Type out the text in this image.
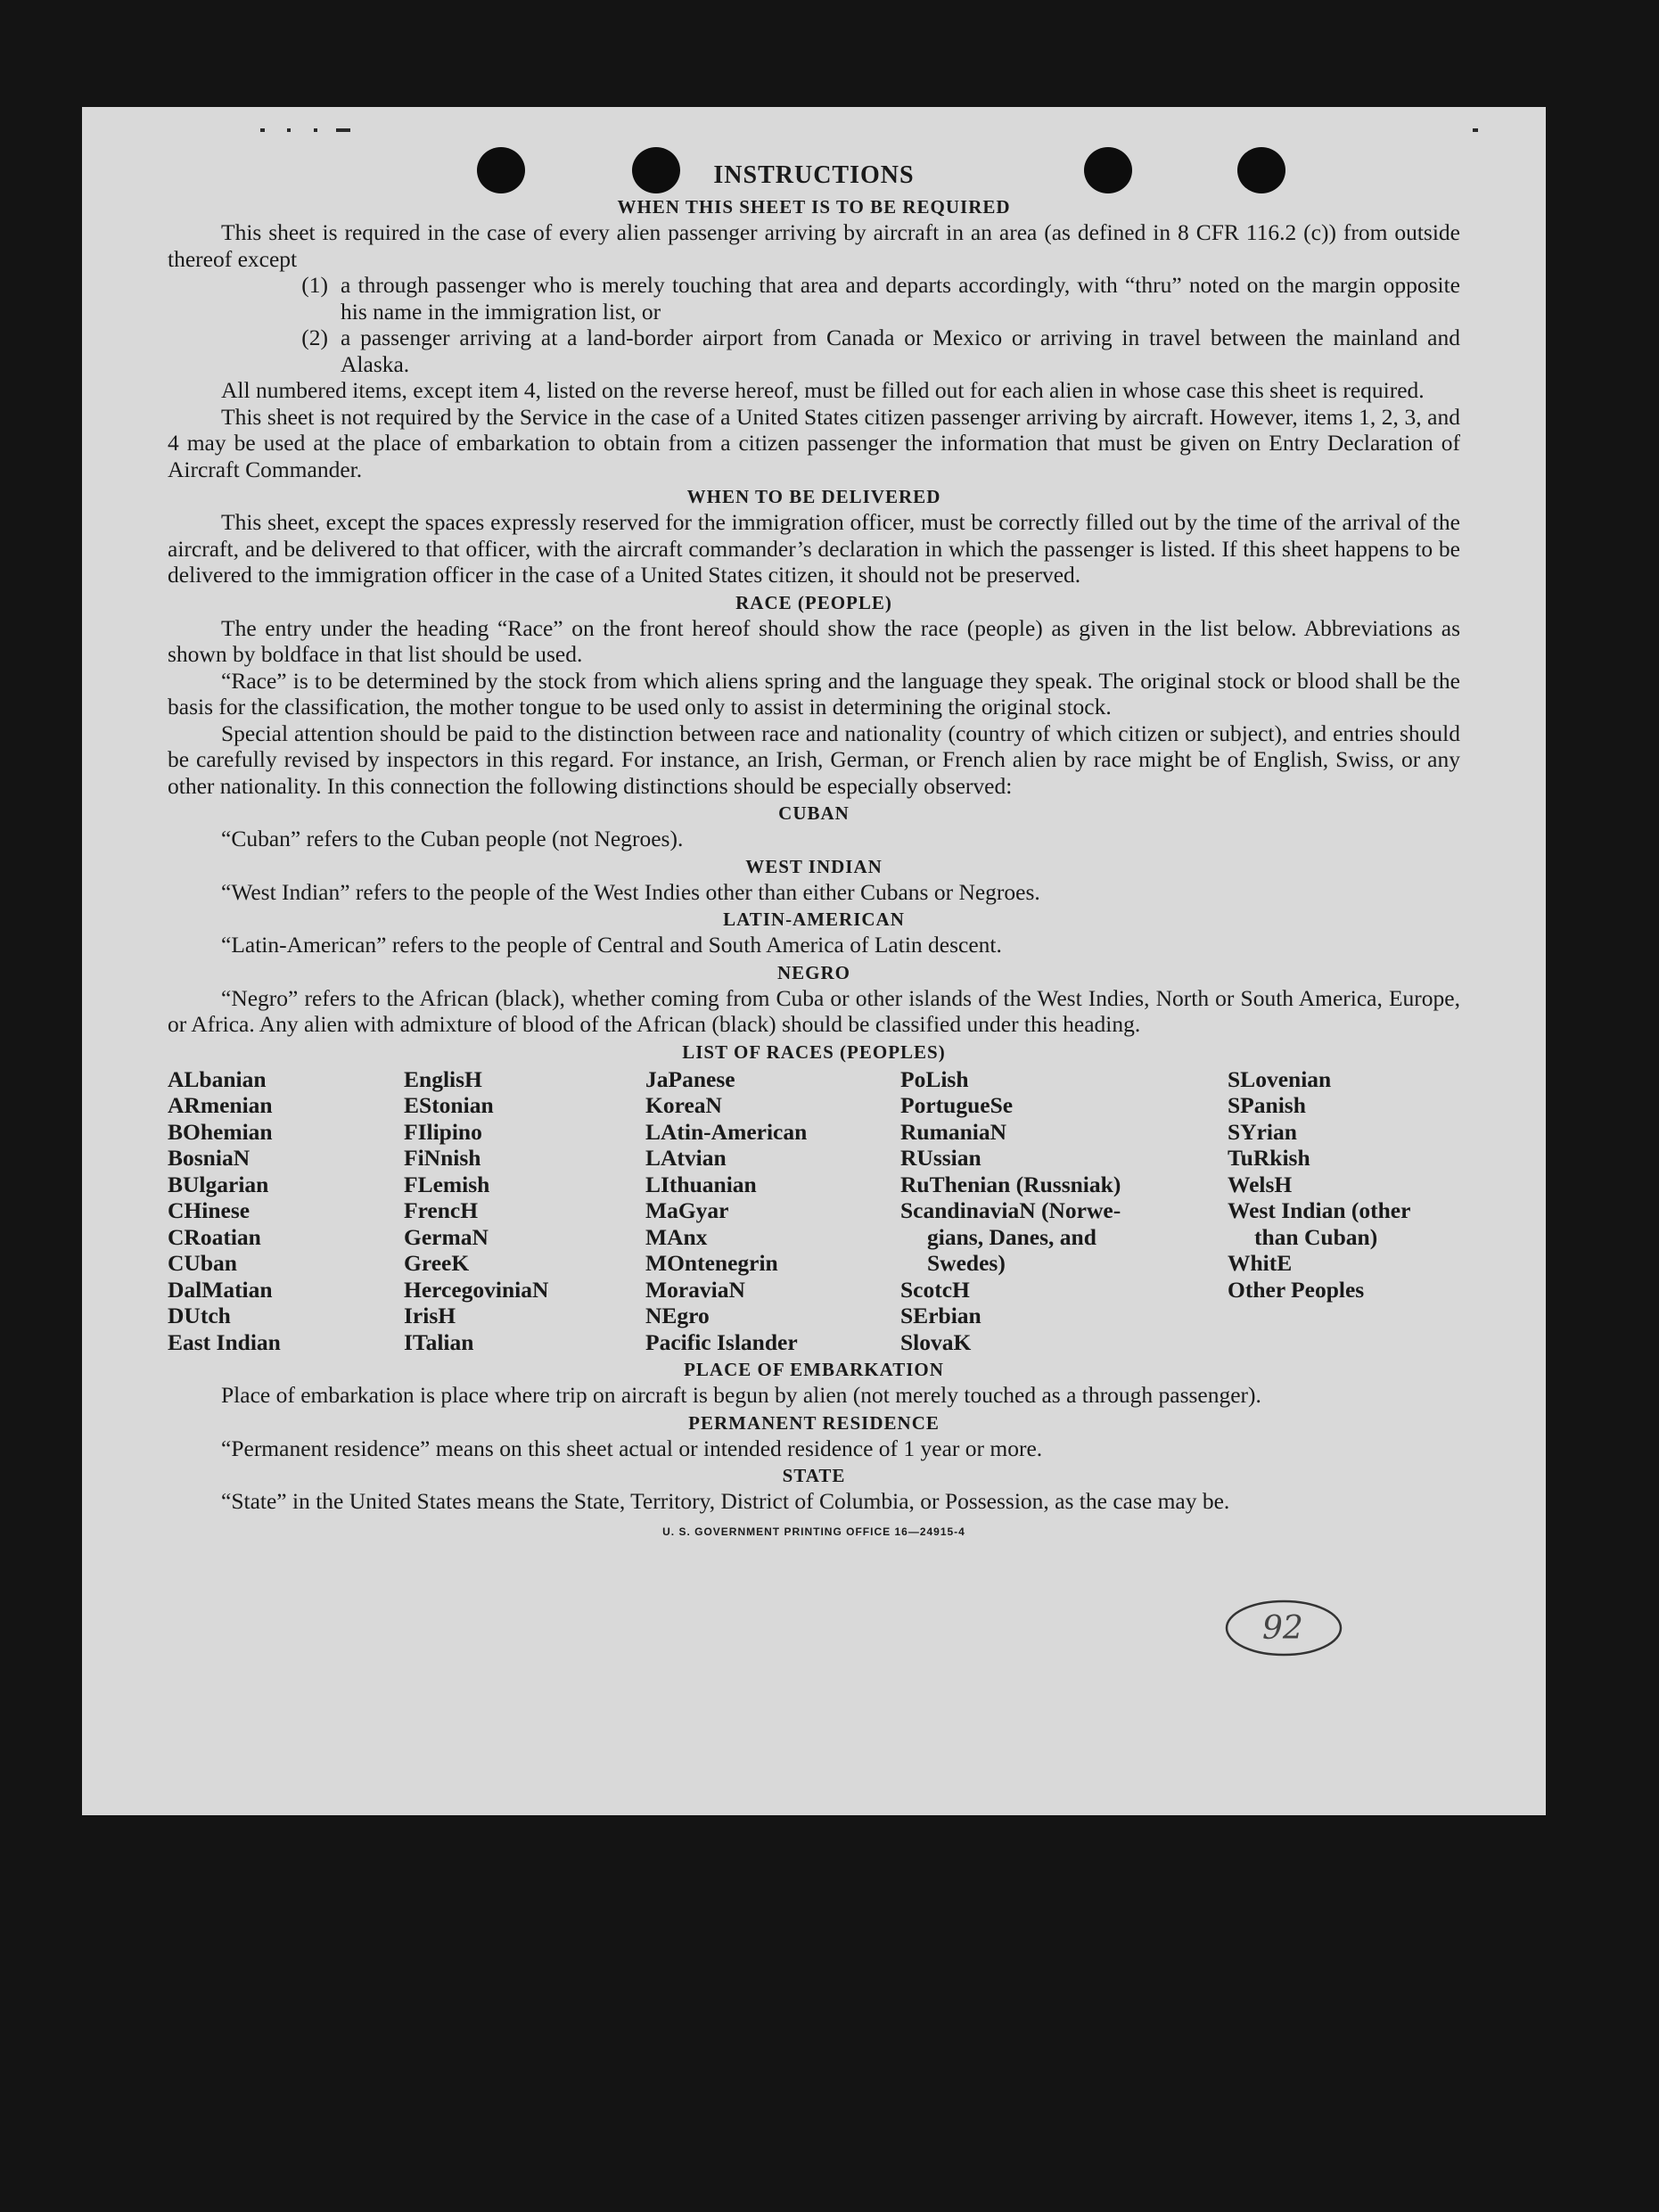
INSTRUCTIONS
WHEN THIS SHEET IS TO BE REQUIRED

This sheet is required in the case of every alien passenger arriving by aircraft in an area (as defined in 8 CFR 116.2 (c)) from outside thereof except

(1) a through passenger who is merely touching that area and departs accordingly, with “thru” noted on the margin opposite his name in the immigration list, or
(2) a passenger arriving at a land-border airport from Canada or Mexico or arriving in travel between the mainland and Alaska.

All numbered items, except item 4, listed on the reverse hereof, must be filled out for each alien in whose case this sheet is required.

This sheet is not required by the Service in the case of a United States citizen passenger arriving by aircraft. However, items 1, 2, 3, and 4 may be used at the place of embarkation to obtain from a citizen passenger the information that must be given on Entry Declaration of Aircraft Commander.

WHEN TO BE DELIVERED

This sheet, except the spaces expressly reserved for the immigration officer, must be correctly filled out by the time of the arrival of the aircraft, and be delivered to that officer, with the aircraft commander’s declaration in which the passenger is listed. If this sheet happens to be delivered to the immigration officer in the case of a United States citizen, it should not be preserved.

RACE (PEOPLE)

The entry under the heading “Race” on the front hereof should show the race (people) as given in the list below. Abbreviations as shown by boldface in that list should be used.

“Race” is to be determined by the stock from which aliens spring and the language they speak. The original stock or blood shall be the basis for the classification, the mother tongue to be used only to assist in determining the original stock.

Special attention should be paid to the distinction between race and nationality (country of which citizen or subject), and entries should be carefully revised by inspectors in this regard. For instance, an Irish, German, or French alien by race might be of English, Swiss, or any other nationality. In this connection the following distinctions should be especially observed:

CUBAN

“Cuban” refers to the Cuban people (not Negroes).

WEST INDIAN

“West Indian” refers to the people of the West Indies other than either Cubans or Negroes.

LATIN-AMERICAN

“Latin-American” refers to the people of Central and South America of Latin descent.

NEGRO

“Negro” refers to the African (black), whether coming from Cuba or other islands of the West Indies, North or South America, Europe, or Africa. Any alien with admixture of blood of the African (black) should be classified under this heading.

LIST OF RACES (PEOPLES)
ALbanian
ARmenian
BOhemian
BosniaN
BUlgarian
CHinese
CRoatian
CUban
DalMatian
DUtch
East Indian
EnglisH
EStonian
FIlipino
FiNnish
FLemish
FrencH
GermaN
GreeK
HercegoviniaN
IrisH
ITalian
JaPanese
KoreaN
LAtin-American
LAtvian
LIthuanian
MaGyar
MAnx
MOntenegrin
MoraviaN
NEgro
Pacific Islander
PoLish
PortugueSe
RumaniaN
RUssian
RuThenian (Russniak)
ScandinaviaN (Norwe-
gians, Danes, and
Swedes)
ScotcH
SErbian
SlovaK
SLovenian
SPanish
SYrian
TuRkish
WelsH
West Indian (other
than Cuban)
WhitE
Other Peoples
PLACE OF EMBARKATION

Place of embarkation is place where trip on aircraft is begun by alien (not merely touched as a through passenger).

PERMANENT RESIDENCE

“Permanent residence” means on this sheet actual or intended residence of 1 year or more.

STATE

“State” in the United States means the State, Territory, District of Columbia, or Possession, as the case may be.

U. S. GOVERNMENT PRINTING OFFICE 16—24915-4
92
